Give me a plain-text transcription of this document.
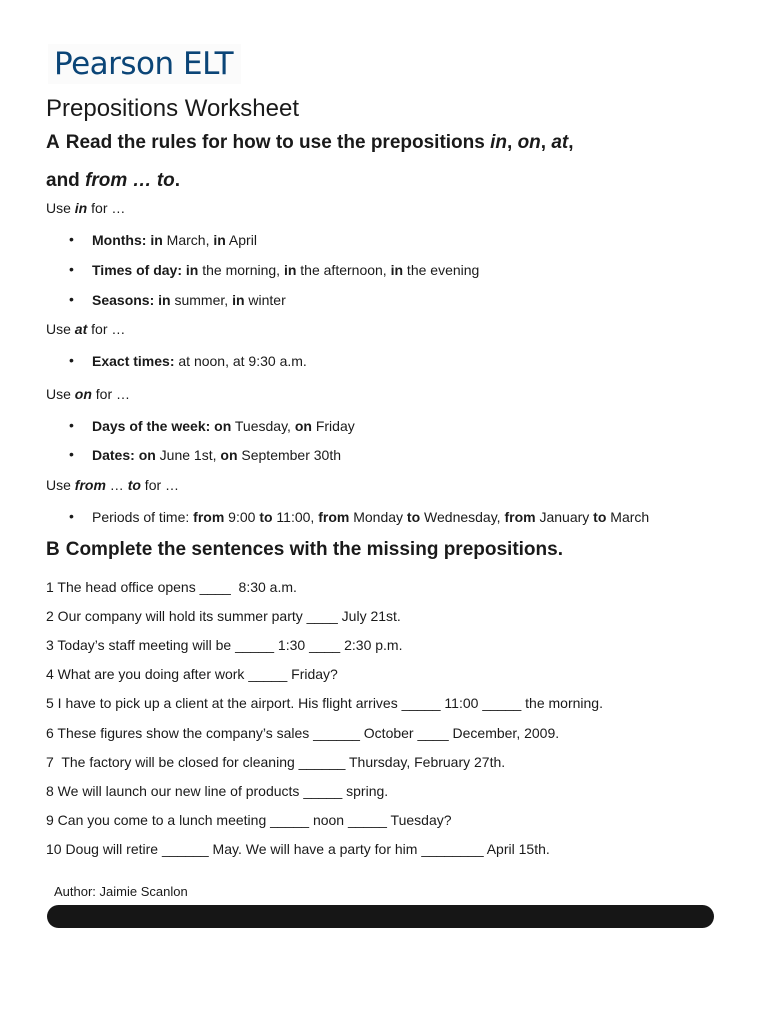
Pearson ELT
Prepositions Worksheet
A Read the rules for how to use the prepositions in, on, at,
and from … to.
Use in for …
Use at for …
Use on for …
Use from … to for …
• Months: in March, in April
• Times of day: in the morning, in the afternoon, in the evening
• Seasons: in summer, in winter
• Exact times: at noon, at 9:30 a.m.
• Days of the week: on Tuesday, on Friday
• Dates: on June 1st, on September 30th
• Periods of time: from 9:00 to 11:00, from Monday to Wednesday, from January to March
B Complete the sentences with the missing prepositions.
1 The head office opens ____  8:30 a.m.
2 Our company will hold its summer party ____ July 21st.
3 Today’s staff meeting will be _____ 1:30 ____ 2:30 p.m.
4 What are you doing after work _____ Friday?
5 I have to pick up a client at the airport. His flight arrives _____ 11:00 _____ the morning.
6 These figures show the company’s sales ______ October ____ December, 2009.
7  The factory will be closed for cleaning ______ Thursday, February 27th.
8 We will launch our new line of products _____ spring.
9 Can you come to a lunch meeting _____ noon _____ Tuesday?
10 Doug will retire ______ May. We will have a party for him ________ April 15th.
Author: Jaimie Scanlon
